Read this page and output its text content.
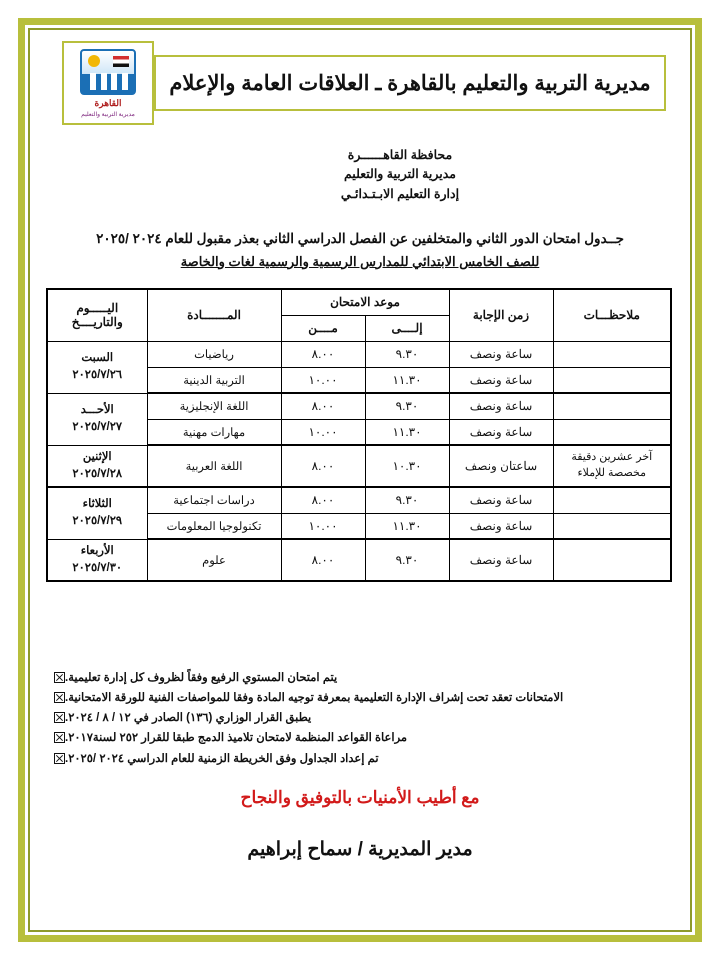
القاهرة
مديرية التربية والتعليم
مديرية التربية والتعليم بالقاهرة ـ العلاقات العامة والإعلام
محافظة القاهــــــرة
مديرية التربية والتعليم
إدارة التعليم الابـتـدائـي
جــدول امتحان الدور الثاني والمتخلفين عن الفصل الدراسي الثاني بعذر مقبول للعام ٢٠٢٤ /٢٠٢٥
للصف الخامس الابتدائي للمدارس الرسمية والرسمية لغات والخاصة
ملاحظـــات	زمن الإجابة	موعد الامتحان		المـــــــادة	اليـــــوم والتاريــــخ
		إلــــى	مــــن		
	ساعة ونصف	٩.٣٠	٨.٠٠	رياضيات	السبت
٢٠٢٥/٧/٢٦
	ساعة ونصف	١١.٣٠	١٠.٠٠	التربية الدينية	
	ساعة ونصف	٩.٣٠	٨.٠٠	اللغة الإنجليزية	الأحـــد
٢٠٢٥/٧/٢٧
	ساعة ونصف	١١.٣٠	١٠.٠٠	مهارات مهنية	
آخر عشرين دقيقة مخصصة للإملاء	ساعتان ونصف	١٠.٣٠	٨.٠٠	اللغة العربية	الإثنين
٢٠٢٥/٧/٢٨
	ساعة ونصف	٩.٣٠	٨.٠٠	دراسات اجتماعية	الثلاثاء
٢٠٢٥/٧/٢٩
	ساعة ونصف	١١.٣٠	١٠.٠٠	تكنولوجيا المعلومات	
	ساعة ونصف	٩.٣٠	٨.٠٠	علوم	الأربعاء
٢٠٢٥/٧/٣٠
يتم امتحان المستوي الرفيع وفقاً لظروف كل إدارة تعليمية.
الامتحانات تعقد تحت إشراف الإدارة التعليمية بمعرفة توجيه المادة وفقا للمواصفات الفنية للورقة الامتحانية.
يطبق القرار الوزاري (١٣٦) الصادر في ١٢ / ٨ / ٢٠٢٤.
مراعاة القواعد المنظمة لامتحان تلاميذ الدمج طبقا للقرار ٢٥٢ لسنة٢٠١٧.
تم إعداد الجداول وفق الخريطة الزمنية للعام الدراسي ٢٠٢٤ /٢٠٢٥.
مع أطيب الأمنيات بالتوفيق والنجاح
مدير المديرية / سماح إبراهيم
